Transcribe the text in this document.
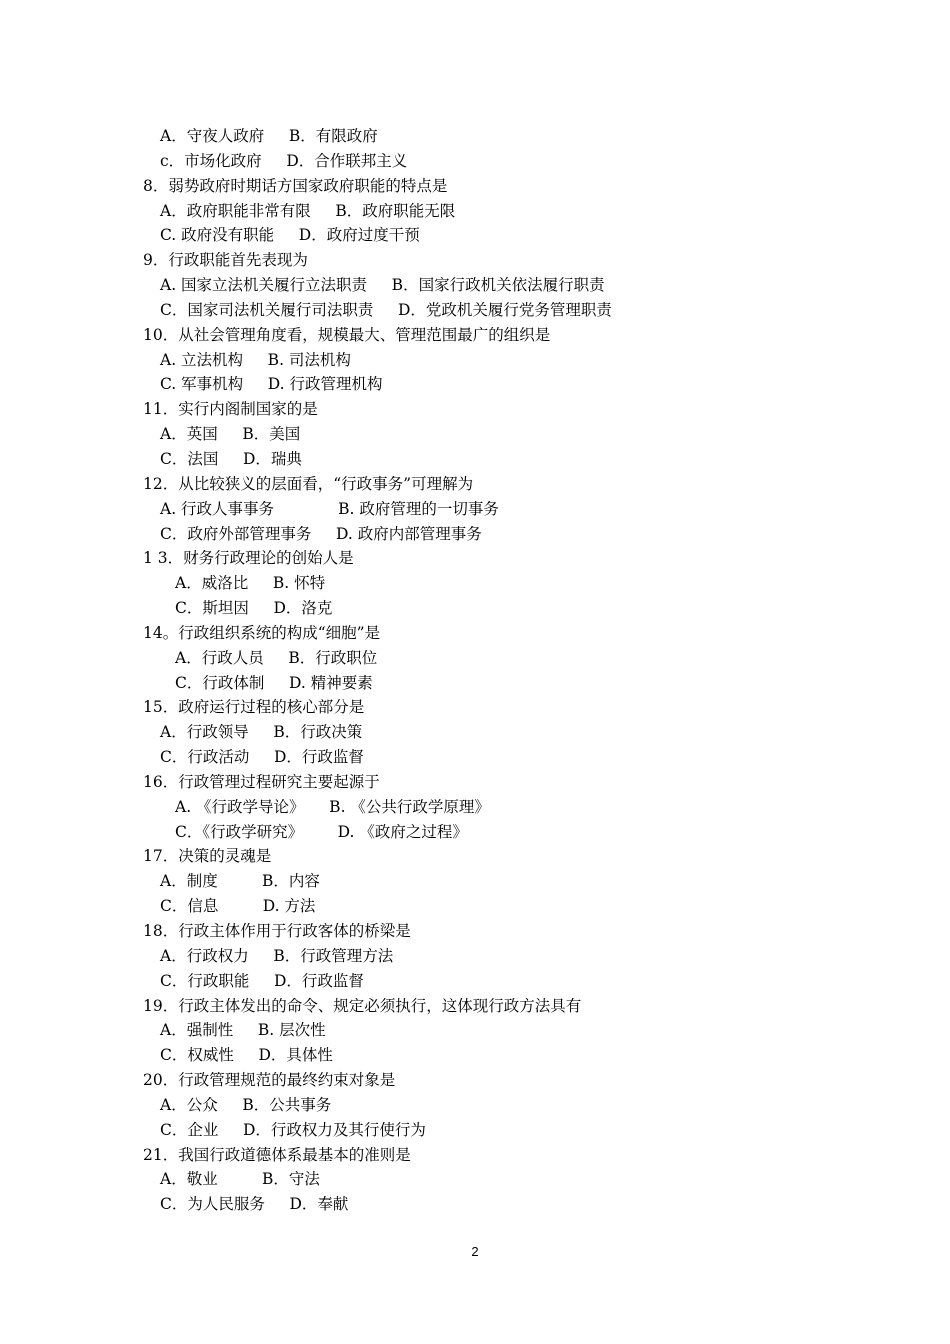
A．守夜人政府     B．有限政府
c．市场化政府     D．合作联邦主义
8．弱势政府时期话方国家政府职能的特点是
A．政府职能非常有限     B．政府职能无限
C. 政府没有职能     D．政府过度干预
9．行政职能首先表现为
A. 国家立法机关履行立法职责     B．国家行政机关依法履行职责
C．国家司法机关履行司法职责     D．党政机关履行党务管理职责
10．从社会管理角度看，规模最大、管理范围最广的组织是
A. 立法机构     B. 司法机构
C. 军事机构     D. 行政管理机构
11．实行内阁制国家的是
A．英国     B．美国
C．法国     D．瑞典
12．从比较狭义的层面看，“行政事务”可理解为
A. 行政人事事务             B. 政府管理的一切事务
C．政府外部管理事务     D. 政府内部管理事务
1 3．财务行政理论的创始人是
A．威洛比     B. 怀特
C．斯坦因     D．洛克
14。行政组织系统的构成“细胞”是
A．行政人员     B．行政职位
C．行政体制     D. 精神要素
15．政府运行过程的核心部分是
A．行政领导     B．行政决策
C．行政活动     D．行政监督
16．行政管理过程研究主要起源于
A. 《行政学导论》     B. 《公共行政学原理》
C．《行政学研究》       D. 《政府之过程》
17．决策的灵魂是
A．制度         B．内容
C．信息         D. 方法
18．行政主体作用于行政客体的桥梁是
A．行政权力     B．行政管理方法
C．行政职能     D．行政监督
19．行政主体发出的命令、规定必须执行，这体现行政方法具有
A．强制性     B. 层次性
C．权威性     D．具体性
20．行政管理规范的最终约束对象是
A．公众     B．公共事务
C．企业     D．行政权力及其行使行为
21．我国行政道德体系最基本的准则是
A．敬业         B．守法
C．为人民服务     D．奉献
2
